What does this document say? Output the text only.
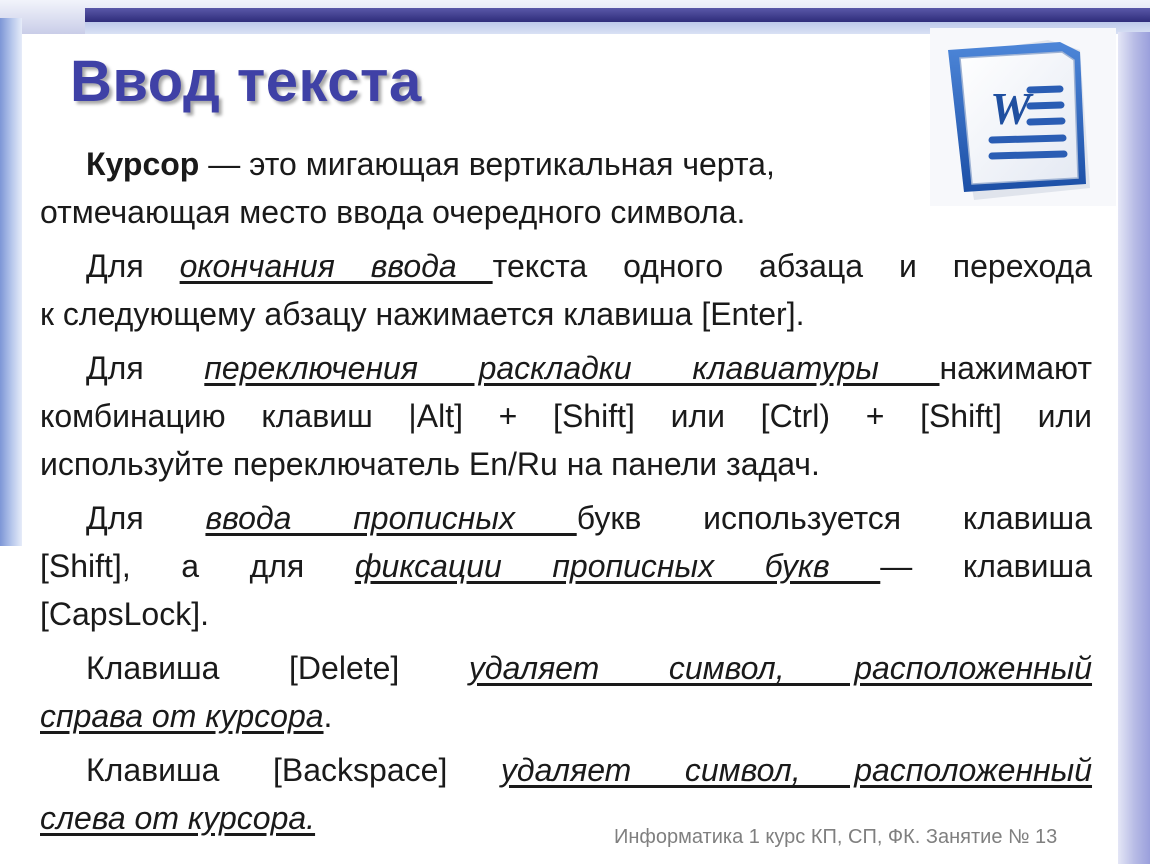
Ввод текста	W

Курсор — это мигающая вертикальная черта,
отмечающая место ввода очередного символа.

Для окончания ввода текста одного абзаца и перехода
к следующему абзацу нажимается клавиша [Enter].

Для переключения раскладки клавиатуры нажимают
комбинацию клавиш |Alt] + [Shift] или [Ctrl) + [Shift] или
используйте переключатель En/Ru на панели задач.

Для ввода прописных букв используется клавиша
[Shift], а для фиксации прописных букв — клавиша
[CapsLock].

Клавиша [Delete] удаляет символ, расположенный
справа от курсора.

Клавиша [Backspace] удаляет символ, расположенный
слева от курсора.

Информатика 1 курс КП, СП, ФК. Занятие № 13
